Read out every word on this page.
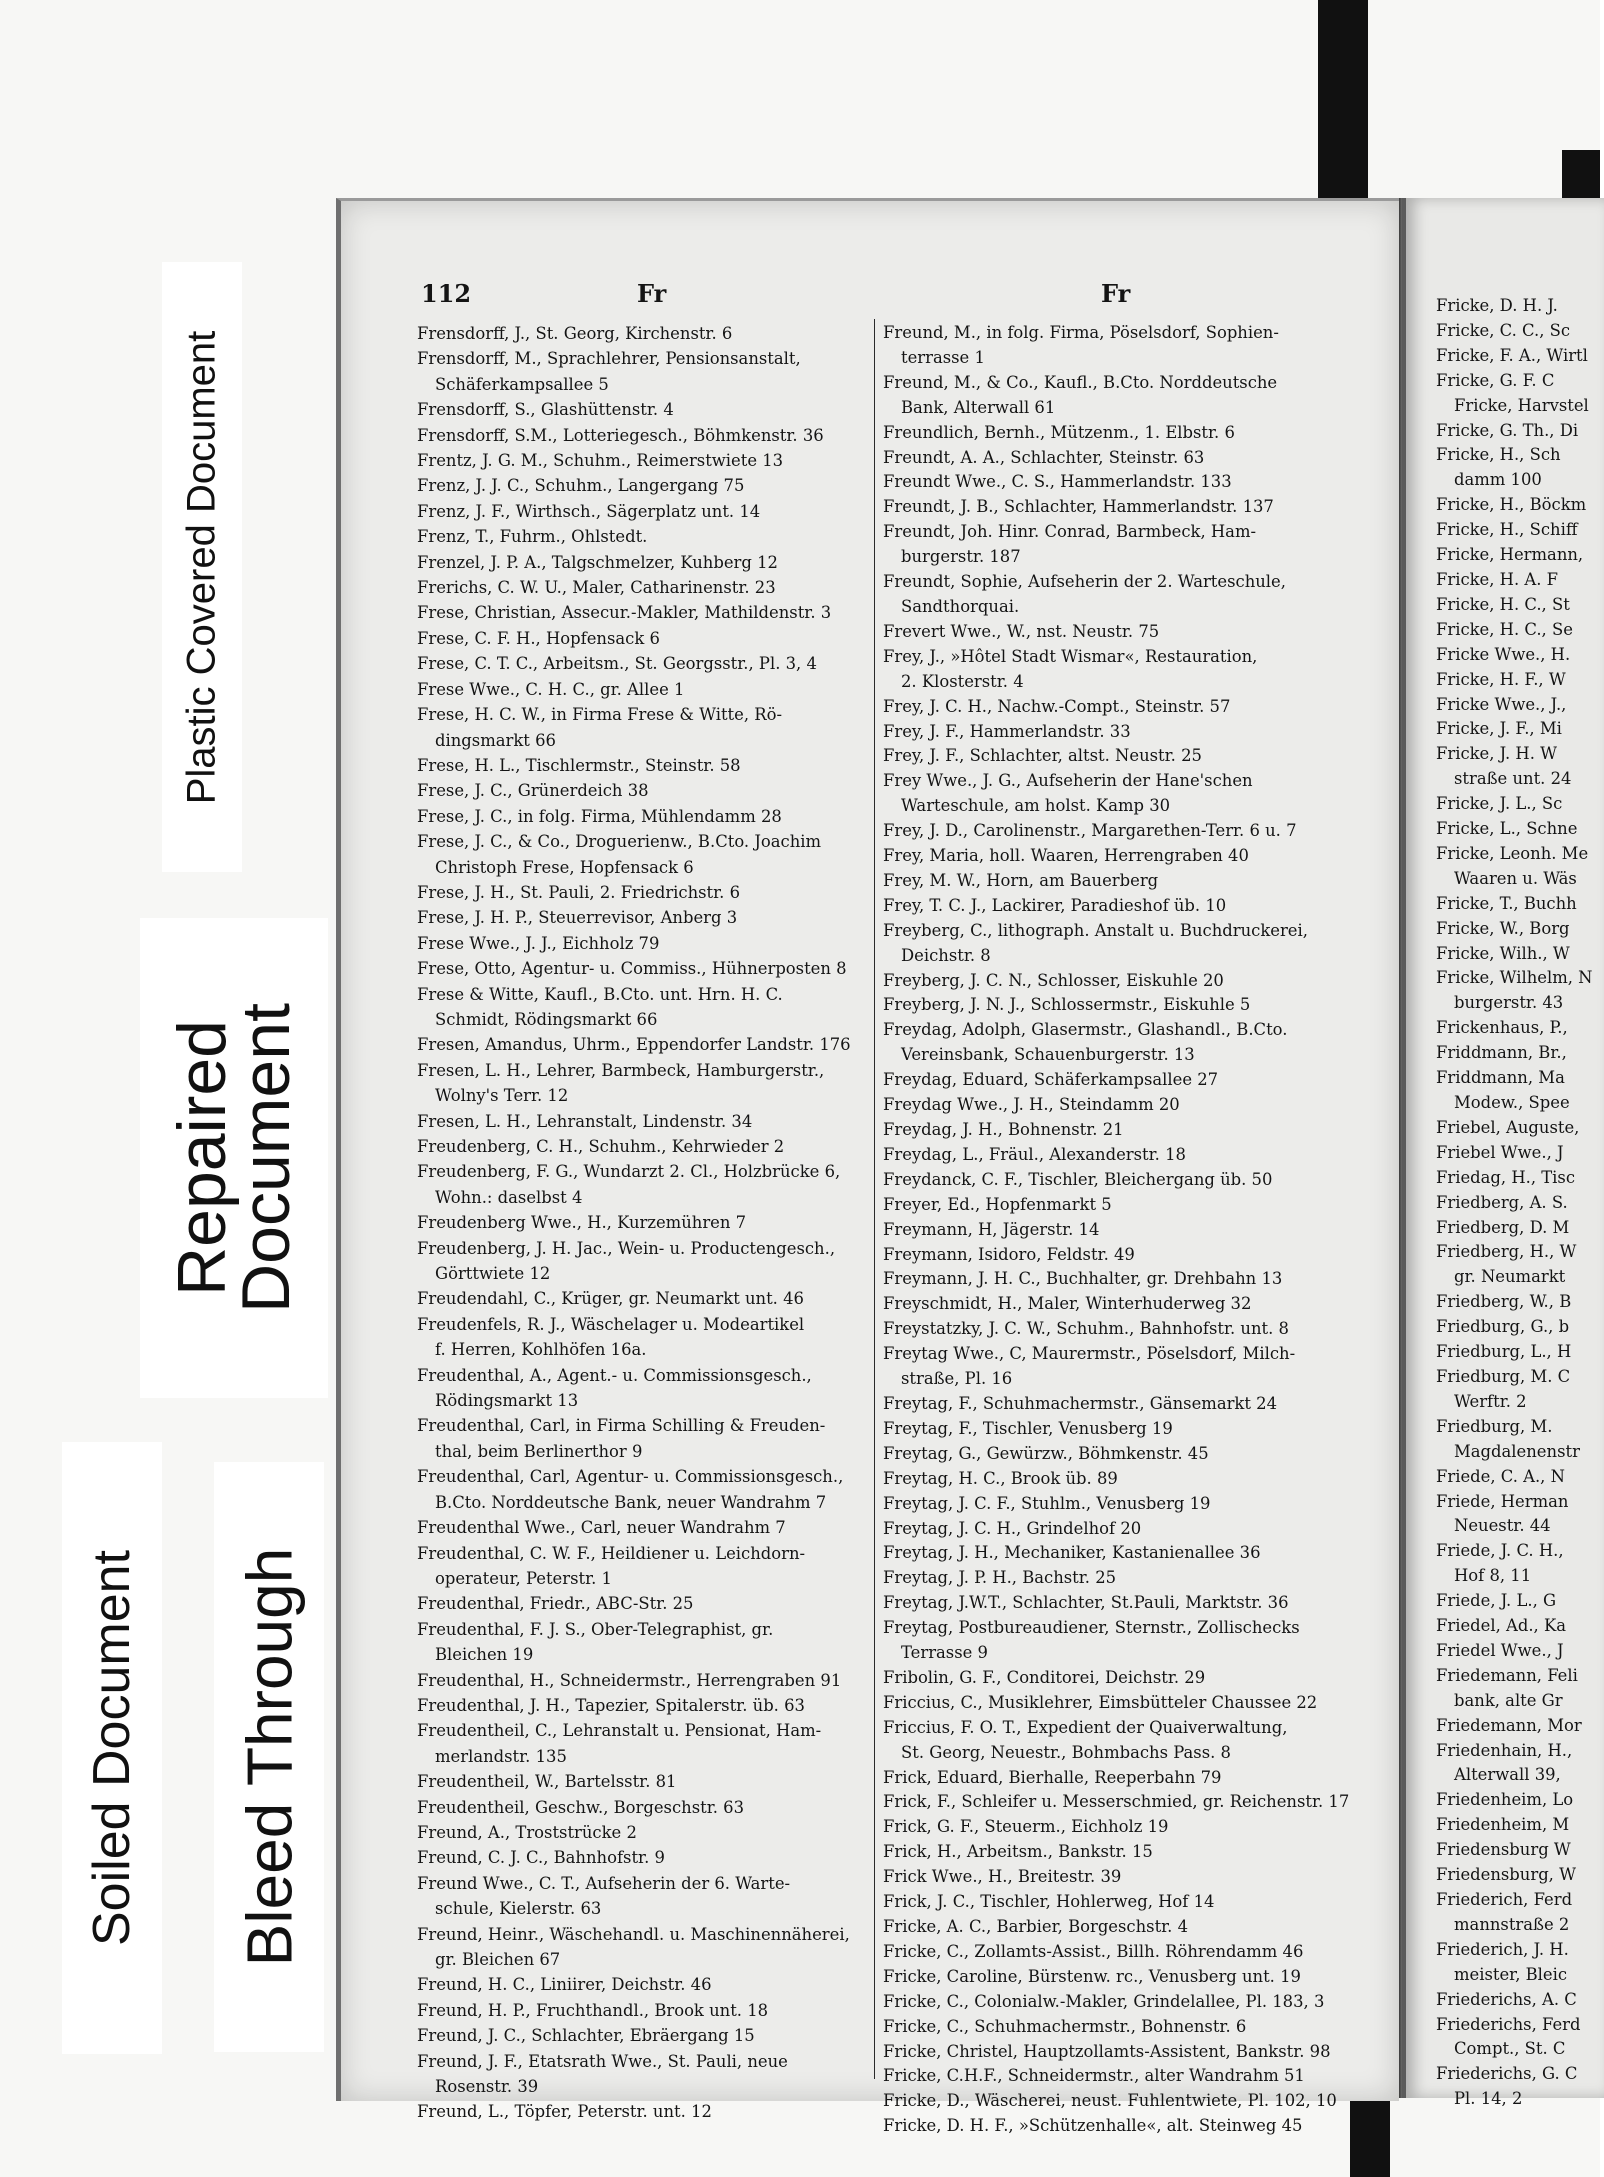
Plastic Covered Document
Repaired
Document
Soiled Document Bleed Through
112	Fr	Fr
Frensdorff, J., St. Georg, Kirchenstr. 6
Frensdorff, M., Sprachlehrer, Pensionsanstalt,
Schäferkampsallee 5
Frensdorff, S., Glashüttenstr. 4
Frensdorff, S.M., Lotteriegesch., Böhmkenstr. 36
Frentz, J. G. M., Schuhm., Reimerstwiete 13
Frenz, J. J. C., Schuhm., Langergang 75
Frenz, J. F., Wirthsch., Sägerplatz unt. 14
Frenz, T., Fuhrm., Ohlstedt.
Frenzel, J. P. A., Talgschmelzer, Kuhberg 12
Frerichs, C. W. U., Maler, Catharinenstr. 23
Frese, Christian, Assecur.-Makler, Mathildenstr. 3
Frese, C. F. H., Hopfensack 6
Frese, C. T. C., Arbeitsm., St. Georgsstr., Pl. 3, 4
Frese Wwe., C. H. C., gr. Allee 1
Frese, H. C. W., in Firma Frese & Witte, Rö-
dingsmarkt 66
Frese, H. L., Tischlermstr., Steinstr. 58
Frese, J. C., Grünerdeich 38
Frese, J. C., in folg. Firma, Mühlendamm 28
Frese, J. C., & Co., Droguerienw., B.Cto. Joachim
Christoph Frese, Hopfensack 6
Frese, J. H., St. Pauli, 2. Friedrichstr. 6
Frese, J. H. P., Steuerrevisor, Anberg 3
Frese Wwe., J. J., Eichholz 79
Frese, Otto, Agentur- u. Commiss., Hühnerposten 8
Frese & Witte, Kaufl., B.Cto. unt. Hrn. H. C.
Schmidt, Rödingsmarkt 66
Fresen, Amandus, Uhrm., Eppendorfer Landstr. 176
Fresen, L. H., Lehrer, Barmbeck, Hamburgerstr.,
Wolny's Terr. 12
Fresen, L. H., Lehranstalt, Lindenstr. 34
Freudenberg, C. H., Schuhm., Kehrwieder 2
Freudenberg, F. G., Wundarzt 2. Cl., Holzbrücke 6,
Wohn.: daselbst 4
Freudenberg Wwe., H., Kurzemühren 7
Freudenberg, J. H. Jac., Wein- u. Productengesch.,
Görttwiete 12
Freudendahl, C., Krüger, gr. Neumarkt unt. 46
Freudenfels, R. J., Wäschelager u. Modeartikel
f. Herren, Kohlhöfen 16a.
Freudenthal, A., Agent.- u. Commissionsgesch.,
Rödingsmarkt 13
Freudenthal, Carl, in Firma Schilling & Freuden-
thal, beim Berlinerthor 9
Freudenthal, Carl, Agentur- u. Commissionsgesch.,
B.Cto. Norddeutsche Bank, neuer Wandrahm 7
Freudenthal Wwe., Carl, neuer Wandrahm 7
Freudenthal, C. W. F., Heildiener u. Leichdorn-
operateur, Peterstr. 1
Freudenthal, Friedr., ABC-Str. 25
Freudenthal, F. J. S., Ober-Telegraphist, gr.
Bleichen 19
Freudenthal, H., Schneidermstr., Herrengraben 91
Freudenthal, J. H., Tapezier, Spitalerstr. üb. 63
Freudentheil, C., Lehranstalt u. Pensionat, Ham-
merlandstr. 135
Freudentheil, W., Bartelsstr. 81
Freudentheil, Geschw., Borgeschstr. 63
Freund, A., Troststrücke 2
Freund, C. J. C., Bahnhofstr. 9
Freund Wwe., C. T., Aufseherin der 6. Warte-
schule, Kielerstr. 63
Freund, Heinr., Wäschehandl. u. Maschinennäherei,
gr. Bleichen 67
Freund, H. C., Liniirer, Deichstr. 46
Freund, H. P., Fruchthandl., Brook unt. 18
Freund, J. C., Schlachter, Ebräergang 15
Freund, J. F., Etatsrath Wwe., St. Pauli, neue
Rosenstr. 39
Freund, L., Töpfer, Peterstr. unt. 12
Freund, M., in folg. Firma, Pöselsdorf, Sophien-
terrasse 1
Freund, M., & Co., Kaufl., B.Cto. Norddeutsche
Bank, Alterwall 61
Freundlich, Bernh., Mützenm., 1. Elbstr. 6
Freundt, A. A., Schlachter, Steinstr. 63
Freundt Wwe., C. S., Hammerlandstr. 133
Freundt, J. B., Schlachter, Hammerlandstr. 137
Freundt, Joh. Hinr. Conrad, Barmbeck, Ham-
burgerstr. 187
Freundt, Sophie, Aufseherin der 2. Warteschule,
Sandthorquai.
Frevert Wwe., W., nst. Neustr. 75
Frey, J., »Hôtel Stadt Wismar«, Restauration,
2. Klosterstr. 4
Frey, J. C. H., Nachw.-Compt., Steinstr. 57
Frey, J. F., Hammerlandstr. 33
Frey, J. F., Schlachter, altst. Neustr. 25
Frey Wwe., J. G., Aufseherin der Hane'schen
Warteschule, am holst. Kamp 30
Frey, J. D., Carolinenstr., Margarethen-Terr. 6 u. 7
Frey, Maria, holl. Waaren, Herrengraben 40
Frey, M. W., Horn, am Bauerberg
Frey, T. C. J., Lackirer, Paradieshof üb. 10
Freyberg, C., lithograph. Anstalt u. Buchdruckerei,
Deichstr. 8
Freyberg, J. C. N., Schlosser, Eiskuhle 20
Freyberg, J. N. J., Schlossermstr., Eiskuhle 5
Freydag, Adolph, Glasermstr., Glashandl., B.Cto.
Vereinsbank, Schauenburgerstr. 13
Freydag, Eduard, Schäferkampsallee 27
Freydag Wwe., J. H., Steindamm 20
Freydag, J. H., Bohnenstr. 21
Freydag, L., Fräul., Alexanderstr. 18
Freydanck, C. F., Tischler, Bleichergang üb. 50
Freyer, Ed., Hopfenmarkt 5
Freymann, H, Jägerstr. 14
Freymann, Isidoro, Feldstr. 49
Freymann, J. H. C., Buchhalter, gr. Drehbahn 13
Freyschmidt, H., Maler, Winterhuderweg 32
Freystatzky, J. C. W., Schuhm., Bahnhofstr. unt. 8
Freytag Wwe., C, Maurermstr., Pöselsdorf, Milch-
straße, Pl. 16
Freytag, F., Schuhmachermstr., Gänsemarkt 24
Freytag, F., Tischler, Venusberg 19
Freytag, G., Gewürzw., Böhmkenstr. 45
Freytag, H. C., Brook üb. 89
Freytag, J. C. F., Stuhlm., Venusberg 19
Freytag, J. C. H., Grindelhof 20
Freytag, J. H., Mechaniker, Kastanienallee 36
Freytag, J. P. H., Bachstr. 25
Freytag, J.W.T., Schlachter, St.Pauli, Marktstr. 36
Freytag, Postbureaudiener, Sternstr., Zollischecks
Terrasse 9
Fribolin, G. F., Conditorei, Deichstr. 29
Friccius, C., Musiklehrer, Eimsbütteler Chaussee 22
Friccius, F. O. T., Expedient der Quaiverwaltung,
St. Georg, Neuestr., Bohmbachs Pass. 8
Frick, Eduard, Bierhalle, Reeperbahn 79
Frick, F., Schleifer u. Messerschmied, gr. Reichenstr. 17
Frick, G. F., Steuerm., Eichholz 19
Frick, H., Arbeitsm., Bankstr. 15
Frick Wwe., H., Breitestr. 39
Frick, J. C., Tischler, Hohlerweg, Hof 14
Fricke, A. C., Barbier, Borgeschstr. 4
Fricke, C., Zollamts-Assist., Billh. Röhrendamm 46
Fricke, Caroline, Bürstenw. rc., Venusberg unt. 19
Fricke, C., Colonialw.-Makler, Grindelallee, Pl. 183, 3
Fricke, C., Schuhmachermstr., Bohnenstr. 6
Fricke, Christel, Hauptzollamts-Assistent, Bankstr. 98
Fricke, C.H.F., Schneidermstr., alter Wandrahm 51
Fricke, D., Wäscherei, neust. Fuhlentwiete, Pl. 102, 10
Fricke, D. H. F., »Schützenhalle«, alt. Steinweg 45
Fricke, D. H. J.
Fricke, C. C., Sc
Fricke, F. A., Wirtl
Fricke, G. F. C
Fricke, Harvstel
Fricke, G. Th., Di
Fricke, H., Sch
damm 100
Fricke, H., Böckm
Fricke, H., Schiff
Fricke, Hermann,
Fricke, H. A. F
Fricke, H. C., St
Fricke, H. C., Se
Fricke Wwe., H.
Fricke, H. F., W
Fricke Wwe., J.,
Fricke, J. F., Mi
Fricke, J. H. W
straße unt. 24
Fricke, J. L., Sc
Fricke, L., Schne
Fricke, Leonh. Me
Waaren u. Wäs
Fricke, T., Buchh
Fricke, W., Borg
Fricke, Wilh., W
Fricke, Wilhelm, N
burgerstr. 43
Frickenhaus, P.,
Friddmann, Br.,
Friddmann, Ma
Modew., Spee
Friebel, Auguste,
Friebel Wwe., J
Friedag, H., Tisc
Friedberg, A. S.
Friedberg, D. M
Friedberg, H., W
gr. Neumarkt
Friedberg, W., B
Friedburg, G., b
Friedburg, L., H
Friedburg, M. C
Werftr. 2
Friedburg, M.
Magdalenenstr
Friede, C. A., N
Friede, Herman
Neuestr. 44
Friede, J. C. H.,
Hof 8, 11
Friede, J. L., G
Friedel, Ad., Ka
Friedel Wwe., J
Friedemann, Feli
bank, alte Gr
Friedemann, Mor
Friedenhain, H.,
Alterwall 39,
Friedenheim, Lo
Friedenheim, M
Friedensburg W
Friedensburg, W
Friederich, Ferd
mannstraße 2
Friederich, J. H.
meister, Bleic
Friederichs, A. C
Friederichs, Ferd
Compt., St. C
Friederichs, G. C
Pl. 14, 2
